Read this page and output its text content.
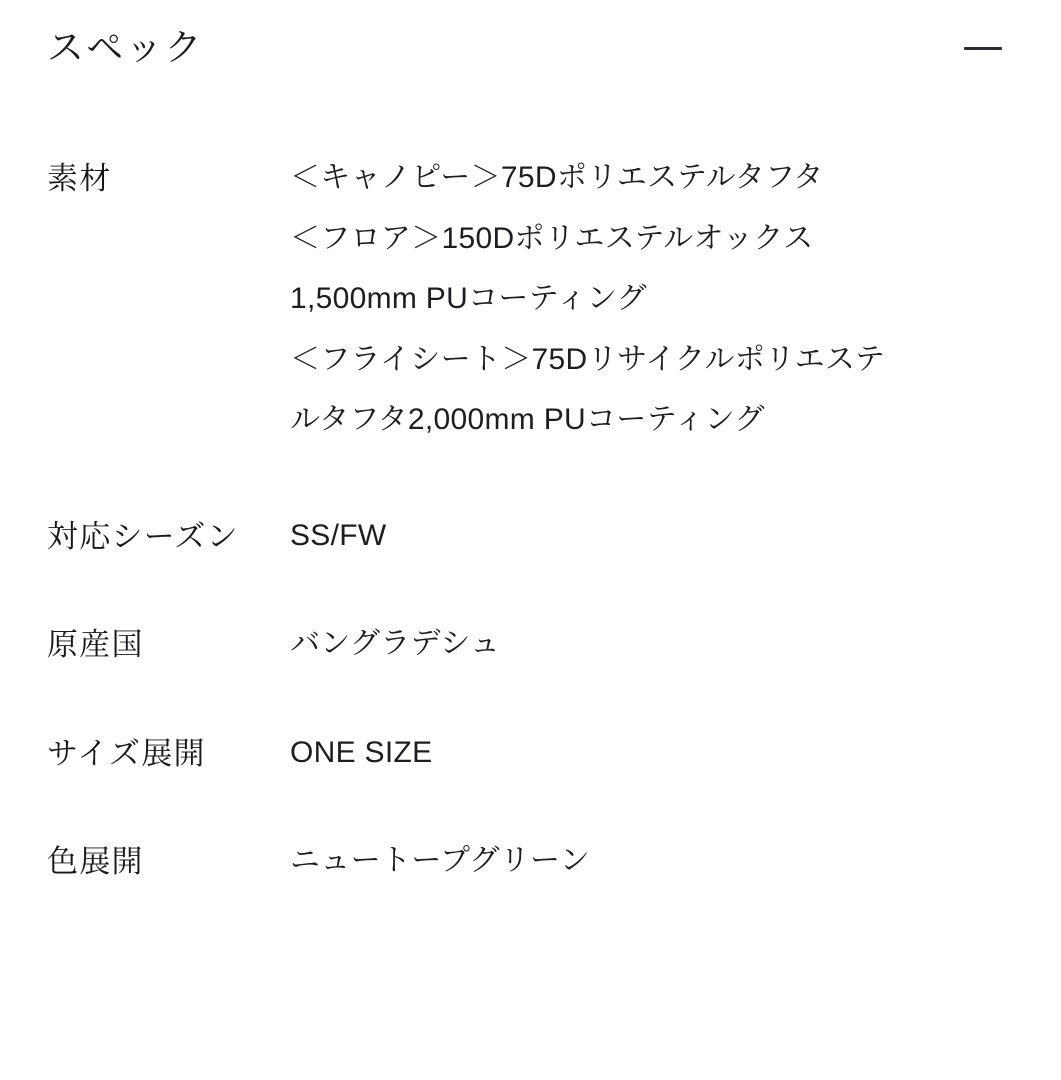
スペック
素材	＜キャノピー＞75Dポリエステルタフタ
＜フロア＞150Dポリエステルオックス
1,500mm PUコーティング
＜フライシート＞75Dリサイクルポリエステ
ルタフタ2,000mm PUコーティング
対応シーズン	SS/FW
原産国	バングラデシュ
サイズ展開	ONE SIZE
色展開	ニュートープグリーン
